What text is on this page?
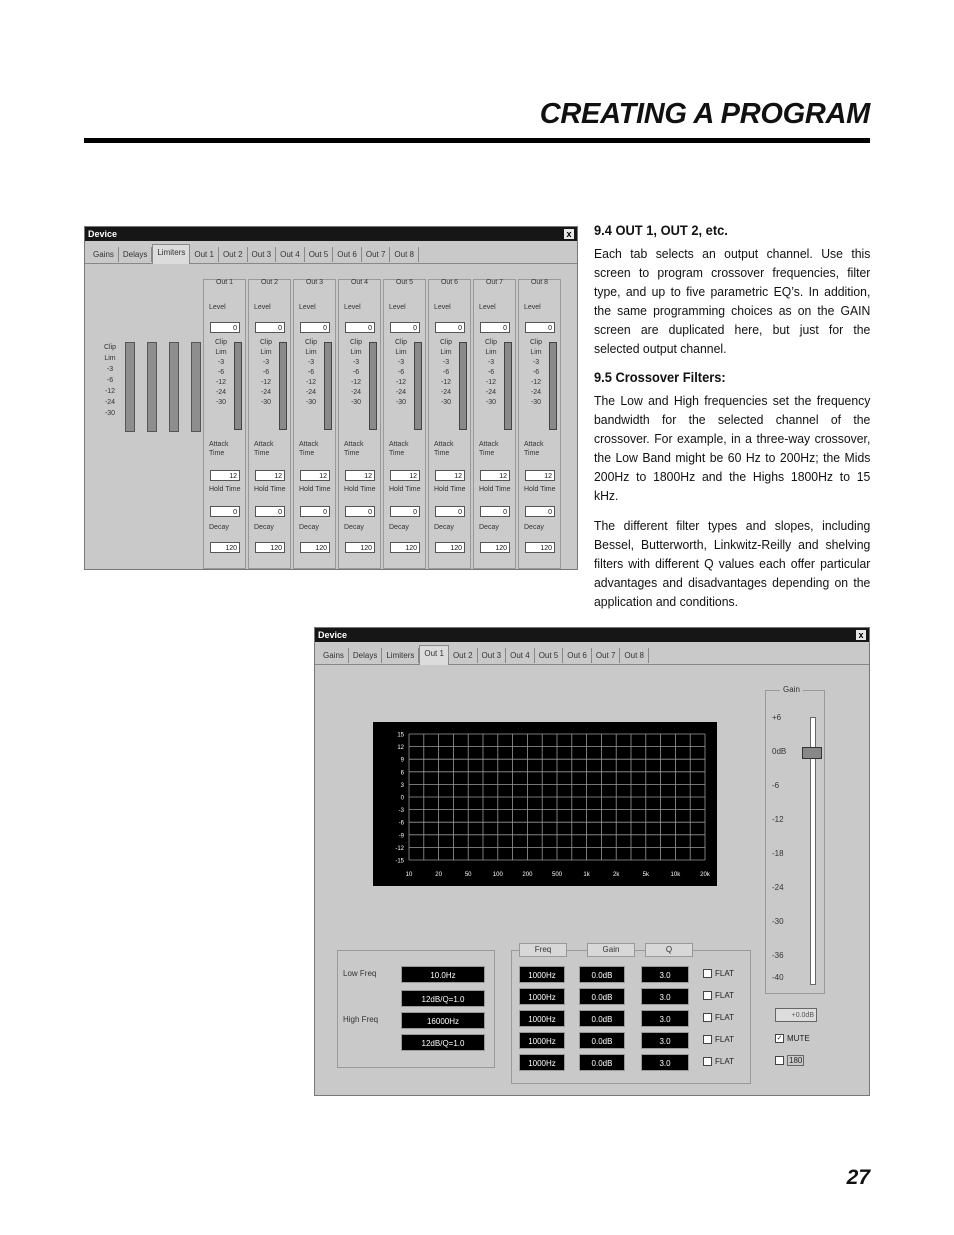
CREATING A PROGRAM
9.4 OUT 1, OUT 2, etc.

Each tab selects an output channel. Use this screen to program crossover frequencies, filter type, and up to five parametric EQ’s. In addition, the same programming choices as on the GAIN screen are duplicated here, but just for the selected output channel.

9.5 Crossover Filters:

The Low and High frequencies set the frequency bandwidth for the selected channel of the crossover. For example, in a three-way crossover, the Low Band might be 60 Hz to 200Hz; the Mids 200Hz to 1800Hz and the Highs 1800Hz to 15 kHz.

The different filter types and slopes, including Bessel, Butterworth, Linkwitz-Reilly and shelving filters with different Q values each offer particular advantages and disadvantages depending on the application and conditions.

Device	x
Gains	Delays	Limiters	Out 1	Out 2	Out 3	Out 4	Out 5	Out 6	Out 7	Out 8
Clip
Lim
-3
-6
-12
-24
-30
Out 1
Level
0
Clip
Lim
-3
-6
-12
-24
-30
Attack Time
12
Hold Time
0
Decay
120
Out 2
Level
0
Clip
Lim
-3
-6
-12
-24
-30
Attack Time
12
Hold Time
0
Decay
120
Out 3
Level
0
Clip
Lim
-3
-6
-12
-24
-30
Attack Time
12
Hold Time
0
Decay
120
Out 4
Level
0
Clip
Lim
-3
-6
-12
-24
-30
Attack Time
12
Hold Time
0
Decay
120
Out 5
Level
0
Clip
Lim
-3
-6
-12
-24
-30
Attack Time
12
Hold Time
0
Decay
120
Out 6
Level
0
Clip
Lim
-3
-6
-12
-24
-30
Attack Time
12
Hold Time
0
Decay
120
Out 7
Level
0
Clip
Lim
-3
-6
-12
-24
-30
Attack Time
12
Hold Time
0
Decay
120
Out 8
Level
0
Clip
Lim
-3
-6
-12
-24
-30
Attack Time
12
Hold Time
0
Decay
120
Device	x
Gains	Delays	Limiters	Out 1	Out 2	Out 3	Out 4	Out 5	Out 6	Out 7	Out 8
15
12
9
6
3
0
-3
-6
-9
-12
-15
10	20	50	100	200	500	1k	2k	5k	10k	20k
Gain
+6
0dB
-6
-12
-18
-24
-30
-36
-40
+0.0dB
✓ MUTE
180
Low Freq	10.0Hz
12dB/Q=1.0
High Freq	16000Hz
12dB/Q=1.0
Freq	Gain	Q
1000Hz	0.0dB	3.0	FLAT
1000Hz	0.0dB	3.0	FLAT
1000Hz	0.0dB	3.0	FLAT
1000Hz	0.0dB	3.0	FLAT
1000Hz	0.0dB	3.0	FLAT
27
